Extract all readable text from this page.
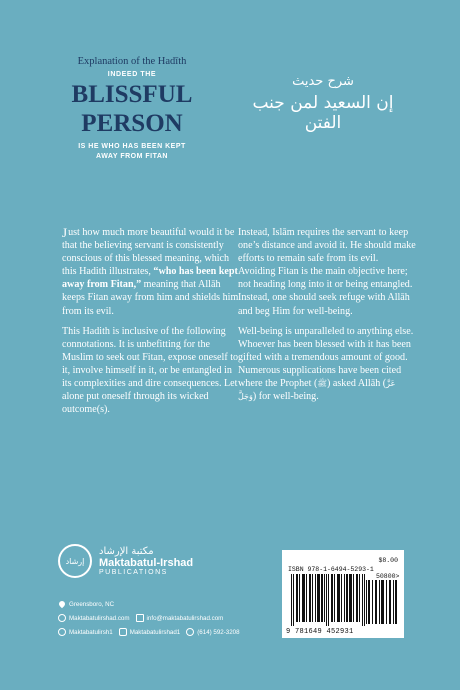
Explanation of the Hadīth
INDEED THE
BLISSFUL
PERSON
IS HE WHO HAS BEEN KEPT
AWAY FROM FITAN
شرح حديث
إن السعيد لمن جنب الفتن

J ust how much more beautiful would it be that the believing servant is consistently conscious of this blessed meaning, which this Hadith illustrates, “who has been kept away from Fitan,” meaning that Allāh keeps Fitan away from him and shields him from its evil.

This Hadith is inclusive of the following connotations. It is unbefitting for the Muslim to seek out Fitan, expose oneself to it, involve himself in it, or be entangled in its complexities and dire consequences. Let alone put oneself through its wicked outcome(s).

Instead, Islām requires the servant to keep one’s distance and avoid it. He should make efforts to remain safe from its evil. Avoiding Fitan is the main objective here; not heading long into it or being entangled. Instead, one should seek refuge with Allāh and beg Him for well-being.

Well-being is unparalleled to anything else. Whoever has been blessed with it has been gifted with a tremendous amount of good. Numerous supplications have been cited where the Prophet (ﷺ) asked Allāh (عَزَّ وَجَلَّ) for well-being.

إرشاد
مكتبة الإرشاد
Maktabatul-Irshad
PUBLICATIONS
Greensboro, NC
Maktabatulirshad.com	info@maktabatulirshad.com
Maktabatulirsh1	Maktabatulirshad1	(614) 592-3208
$8.00
ISBN 978-1-6494-5293-1
50800>
9 781649 452931
